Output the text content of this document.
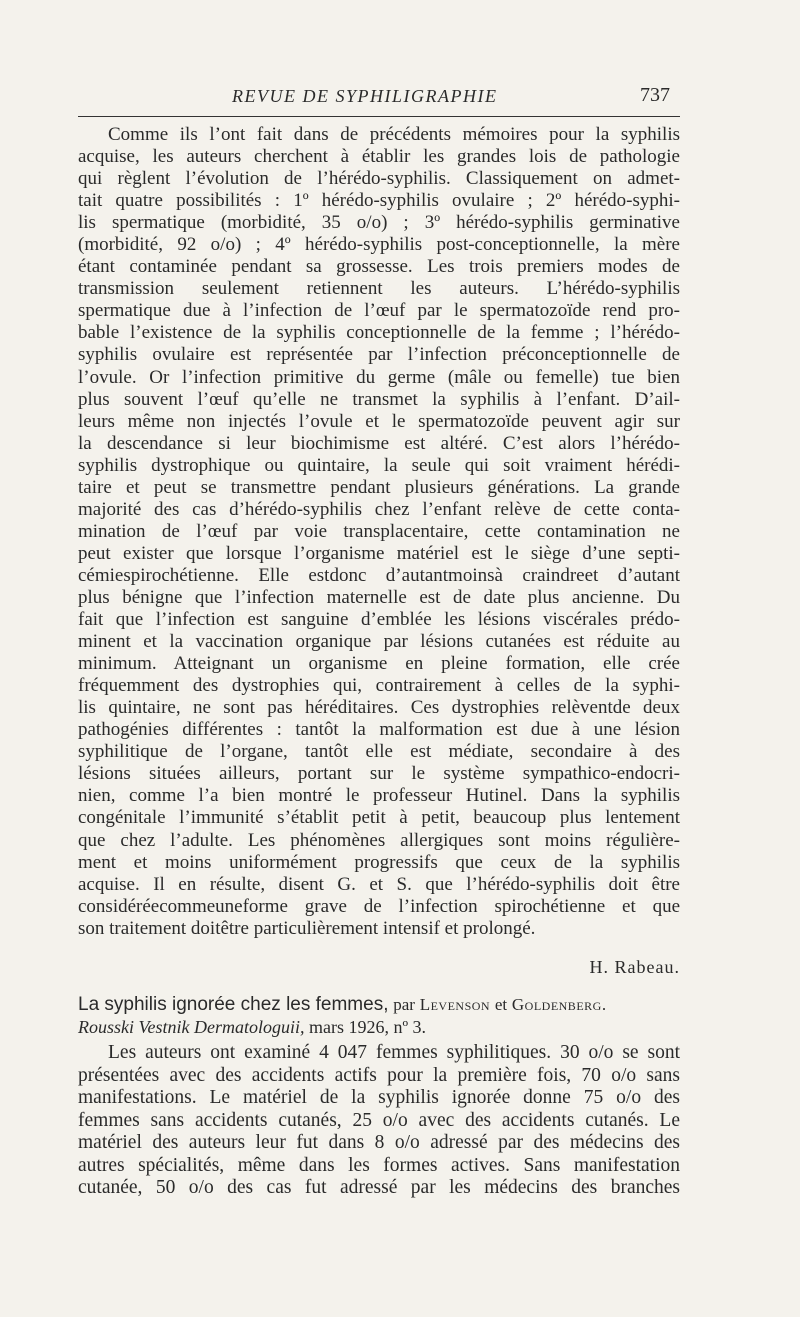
REVUE DE SYPHILIGRAPHIE	737
Comme ils l’ont fait dans de précédents mémoires pour la syphilis
acquise, les auteurs cherchent à établir les grandes lois de pathologie
qui règlent l’évolution de l’hérédo-syphilis. Classiquement on admet-
tait quatre possibilités : 1º hérédo-syphilis ovulaire ; 2º hérédo-syphi-
lis spermatique (morbidité, 35 o/o) ; 3º hérédo-syphilis germinative
(morbidité, 92 o/o) ; 4º hérédo-syphilis post-conceptionnelle, la mère
étant contaminée pendant sa grossesse. Les trois premiers modes de
transmission seulement retiennent les auteurs. L’hérédo-syphilis
spermatique due à l’infection de l’œuf par le spermatozoïde rend pro-
bable l’existence de la syphilis conceptionnelle de la femme ; l’hérédo-
syphilis ovulaire est représentée par l’infection préconceptionnelle de
l’ovule. Or l’infection primitive du germe (mâle ou femelle) tue bien
plus souvent l’œuf qu’elle ne transmet la syphilis à l’enfant. D’ail-
leurs même non injectés l’ovule et le spermatozoïde peuvent agir sur
la descendance si leur biochimisme est altéré. C’est alors l’hérédo-
syphilis dystrophique ou quintaire, la seule qui soit vraiment hérédi-
taire et peut se transmettre pendant plusieurs générations. La grande
majorité des cas d’hérédo-syphilis chez l’enfant relève de cette conta-
mination de l’œuf par voie transplacentaire, cette contamination ne
peut exister que lorsque l’organisme matériel est le siège d’une septi-
cémiespirochétienne. Elle estdonc d’autantmoinsà craindreet d’autant
plus bénigne que l’infection maternelle est de date plus ancienne. Du
fait que l’infection est sanguine d’emblée les lésions viscérales prédo-
minent et la vaccination organique par lésions cutanées est réduite au
minimum. Atteignant un organisme en pleine formation, elle crée
fréquemment des dystrophies qui, contrairement à celles de la syphi-
lis quintaire, ne sont pas héréditaires. Ces dystrophies relèventde deux
pathogénies différentes : tantôt la malformation est due à une lésion
syphilitique de l’organe, tantôt elle est médiate, secondaire à des
lésions situées ailleurs, portant sur le système sympathico-endocri-
nien, comme l’a bien montré le professeur Hutinel. Dans la syphilis
congénitale l’immunité s’établit petit à petit, beaucoup plus lentement
que chez l’adulte. Les phénomènes allergiques sont moins régulière-
ment et moins uniformément progressifs que ceux de la syphilis
acquise. Il en résulte, disent G. et S. que l’hérédo-syphilis doit être
considéréecommeuneforme grave de l’infection spirochétienne et que
son traitement doitêtre particulièrement intensif et prolongé.
H. Rabeau.
La syphilis ignorée chez les femmes, par Levenson et Goldenberg.
Rousski Vestnik Dermatologuii, mars 1926, nº 3.
Les auteurs ont examiné 4 047 femmes syphilitiques. 30 o/o se sont
présentées avec des accidents actifs pour la première fois, 70 o/o sans
manifestations. Le matériel de la syphilis ignorée donne 75 o/o des
femmes sans accidents cutanés, 25 o/o avec des accidents cutanés. Le
matériel des auteurs leur fut dans 8 o/o adressé par des médecins des
autres spécialités, même dans les formes actives. Sans manifestation
cutanée, 50 o/o des cas fut adressé par les médecins des branches
